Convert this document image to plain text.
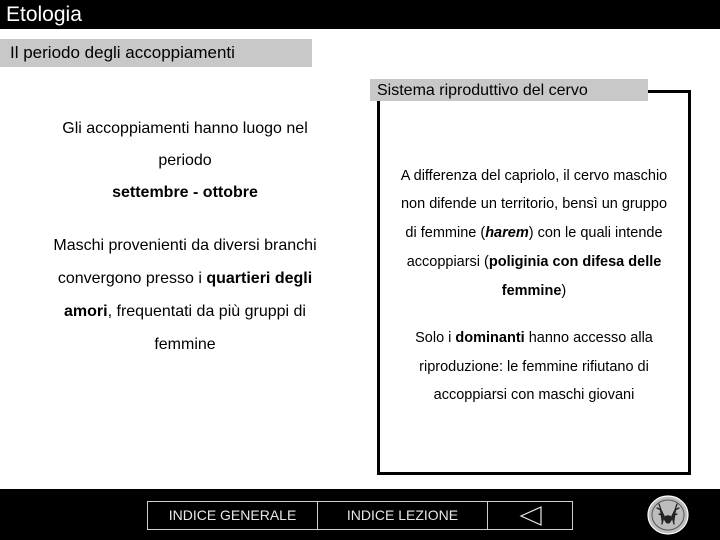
Etologia
Il periodo degli accoppiamenti
Gli accoppiamenti hanno luogo nel
periodo
settembre - ottobre
Maschi provenienti da diversi branchi
convergono presso i quartieri degli
amori, frequentati da più gruppi di
femmine
Sistema riproduttivo del cervo
A differenza del capriolo, il cervo maschio
non difende un territorio, bensì un gruppo
di femmine (harem) con le quali intende
accoppiarsi (poliginia con difesa delle
femmine)
Solo i dominanti hanno accesso alla
riproduzione: le femmine rifiutano di
accoppiarsi con maschi giovani
INDICE GENERALE	INDICE LEZIONE
